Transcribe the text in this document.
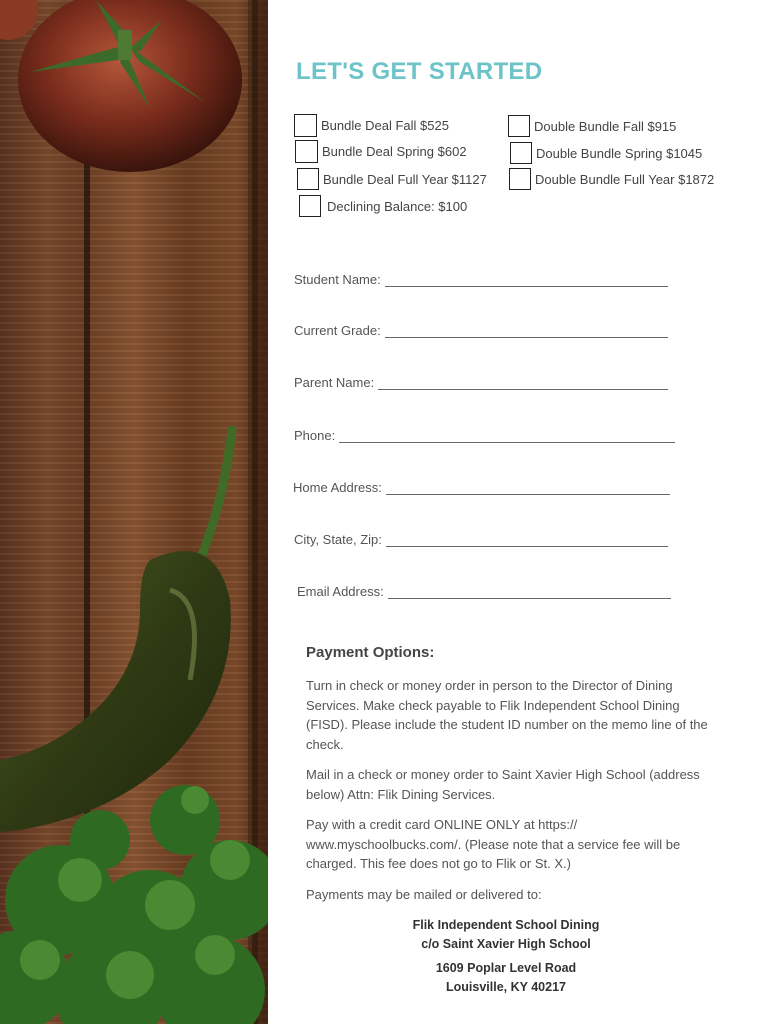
LET'S GET STARTED
Bundle Deal Fall $525	Double Bundle Fall $915
Bundle Deal Spring $602	Double Bundle Spring $1045
Bundle Deal Full Year $1127	Double Bundle Full Year $1872
Declining Balance: $100
Student Name:
Current Grade:
Parent Name:
Phone:
Home Address:
City, State, Zip:
Email Address:
Payment Options:

Turn in check or money order in person to the Director of Dining Services. Make check payable to Flik Independent School Dining (FISD). Please include the student ID number on the memo line of the check.

Mail in a check or money order to Saint Xavier High School (address below) Attn: Flik Dining Services.

Pay with a credit card ONLINE ONLY at https:// www.myschoolbucks.com/. (Please note that a service fee will be charged. This fee does not go to Flik or St. X.)

Payments may be mailed or delivered to:

Flik Independent School Dining

c/o Saint Xavier High School

1609 Poplar Level Road

Louisville, KY 40217
